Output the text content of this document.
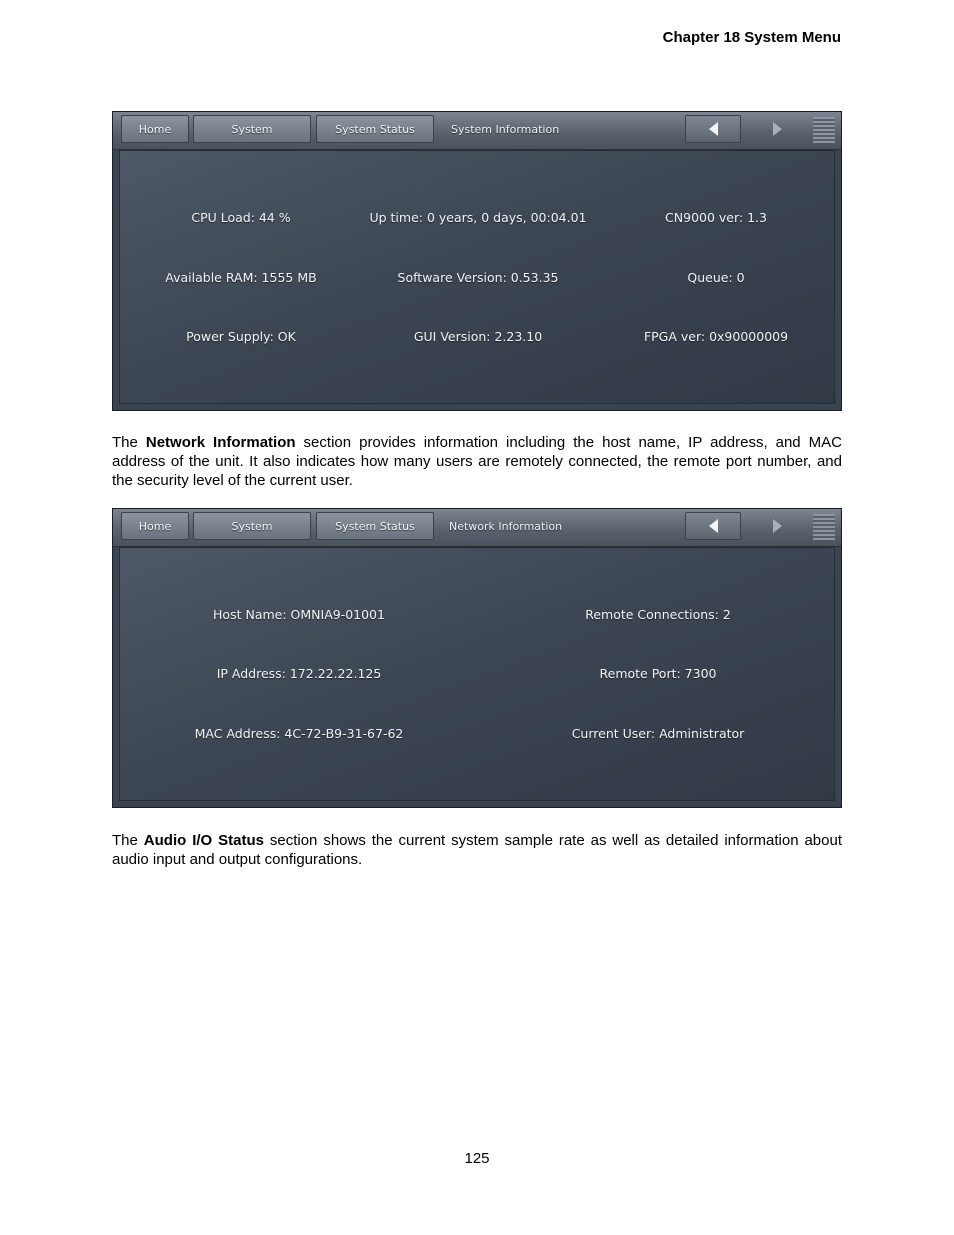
Chapter 18 System Menu
Home	System	System Status	System Information
CPU Load: 44 %	Up time: 0 years, 0 days, 00:04.01	CN9000 ver: 1.3
Available RAM: 1555 MB	Software Version: 0.53.35	Queue: 0
Power Supply: OK	GUI Version: 2.23.10	FPGA ver: 0x90000009

The Network Information section provides information including the host name, IP address, and MAC address of the unit. It also indicates how many users are remotely connected, the remote port number, and the security level of the current user.

Home	System	System Status	Network Information
Host Name: OMNIA9-01001	Remote Connections: 2
IP Address: 172.22.22.125	Remote Port: 7300
MAC Address: 4C-72-B9-31-67-62	Current User: Administrator

The Audio I/O Status section shows the current system sample rate as well as detailed information about audio input and output configurations.

125
